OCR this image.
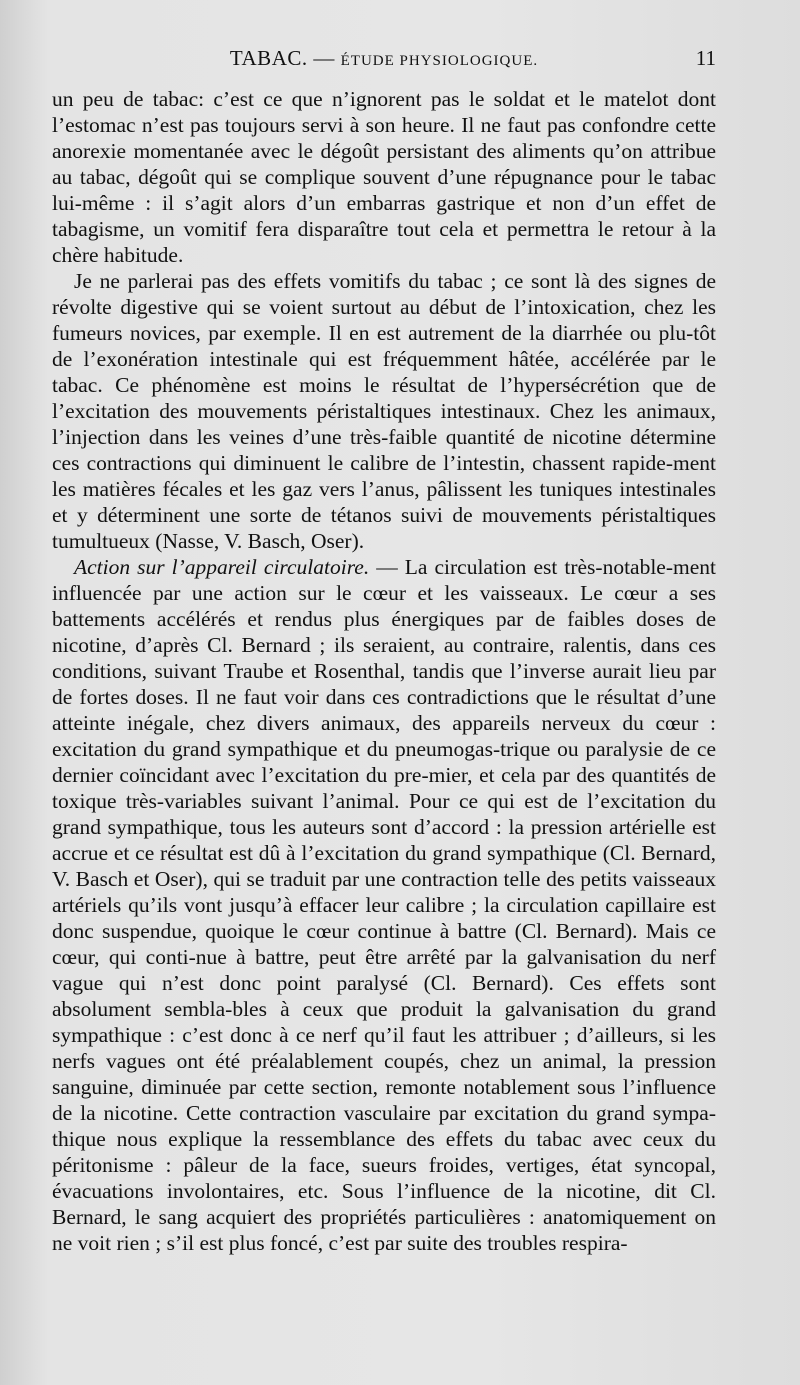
TABAC. — ÉTUDE PHYSIOLOGIQUE.	11

un peu de tabac: c’est ce que n’ignorent pas le soldat et le matelot dont l’estomac n’est pas toujours servi à son heure. Il ne faut pas confondre cette anorexie momentanée avec le dégoût persistant des aliments qu’on attribue au tabac, dégoût qui se complique souvent d’une répugnance pour le tabac lui-même : il s’agit alors d’un embarras gastrique et non d’un effet de tabagisme, un vomitif fera disparaître tout cela et permettra le retour à la chère habitude.

Je ne parlerai pas des effets vomitifs du tabac ; ce sont là des signes de révolte digestive qui se voient surtout au début de l’intoxication, chez les fumeurs novices, par exemple. Il en est autrement de la diarrhée ou plu-tôt de l’exonération intestinale qui est fréquemment hâtée, accélérée par le tabac. Ce phénomène est moins le résultat de l’hypersécrétion que de l’excitation des mouvements péristaltiques intestinaux. Chez les animaux, l’injection dans les veines d’une très-faible quantité de nicotine détermine ces contractions qui diminuent le calibre de l’intestin, chassent rapide-ment les matières fécales et les gaz vers l’anus, pâlissent les tuniques intestinales et y déterminent une sorte de tétanos suivi de mouvements péristaltiques tumultueux (Nasse, V. Basch, Oser).

Action sur l’appareil circulatoire. — La circulation est très-notable-ment influencée par une action sur le cœur et les vaisseaux. Le cœur a ses battements accélérés et rendus plus énergiques par de faibles doses de nicotine, d’après Cl. Bernard ; ils seraient, au contraire, ralentis, dans ces conditions, suivant Traube et Rosenthal, tandis que l’inverse aurait lieu par de fortes doses. Il ne faut voir dans ces contradictions que le résultat d’une atteinte inégale, chez divers animaux, des appareils nerveux du cœur : excitation du grand sympathique et du pneumogas-trique ou paralysie de ce dernier coïncidant avec l’excitation du pre-mier, et cela par des quantités de toxique très-variables suivant l’animal. Pour ce qui est de l’excitation du grand sympathique, tous les auteurs sont d’accord : la pression artérielle est accrue et ce résultat est dû à l’excitation du grand sympathique (Cl. Bernard, V. Basch et Oser), qui se traduit par une contraction telle des petits vaisseaux artériels qu’ils vont jusqu’à effacer leur calibre ; la circulation capillaire est donc suspendue, quoique le cœur continue à battre (Cl. Bernard). Mais ce cœur, qui conti-nue à battre, peut être arrêté par la galvanisation du nerf vague qui n’est donc point paralysé (Cl. Bernard). Ces effets sont absolument sembla-bles à ceux que produit la galvanisation du grand sympathique : c’est donc à ce nerf qu’il faut les attribuer ; d’ailleurs, si les nerfs vagues ont été préalablement coupés, chez un animal, la pression sanguine, diminuée par cette section, remonte notablement sous l’influence de la nicotine. Cette contraction vasculaire par excitation du grand sympa-thique nous explique la ressemblance des effets du tabac avec ceux du péritonisme : pâleur de la face, sueurs froides, vertiges, état syncopal, évacuations involontaires, etc. Sous l’influence de la nicotine, dit Cl. Bernard, le sang acquiert des propriétés particulières : anatomiquement on ne voit rien ; s’il est plus foncé, c’est par suite des troubles respira-
